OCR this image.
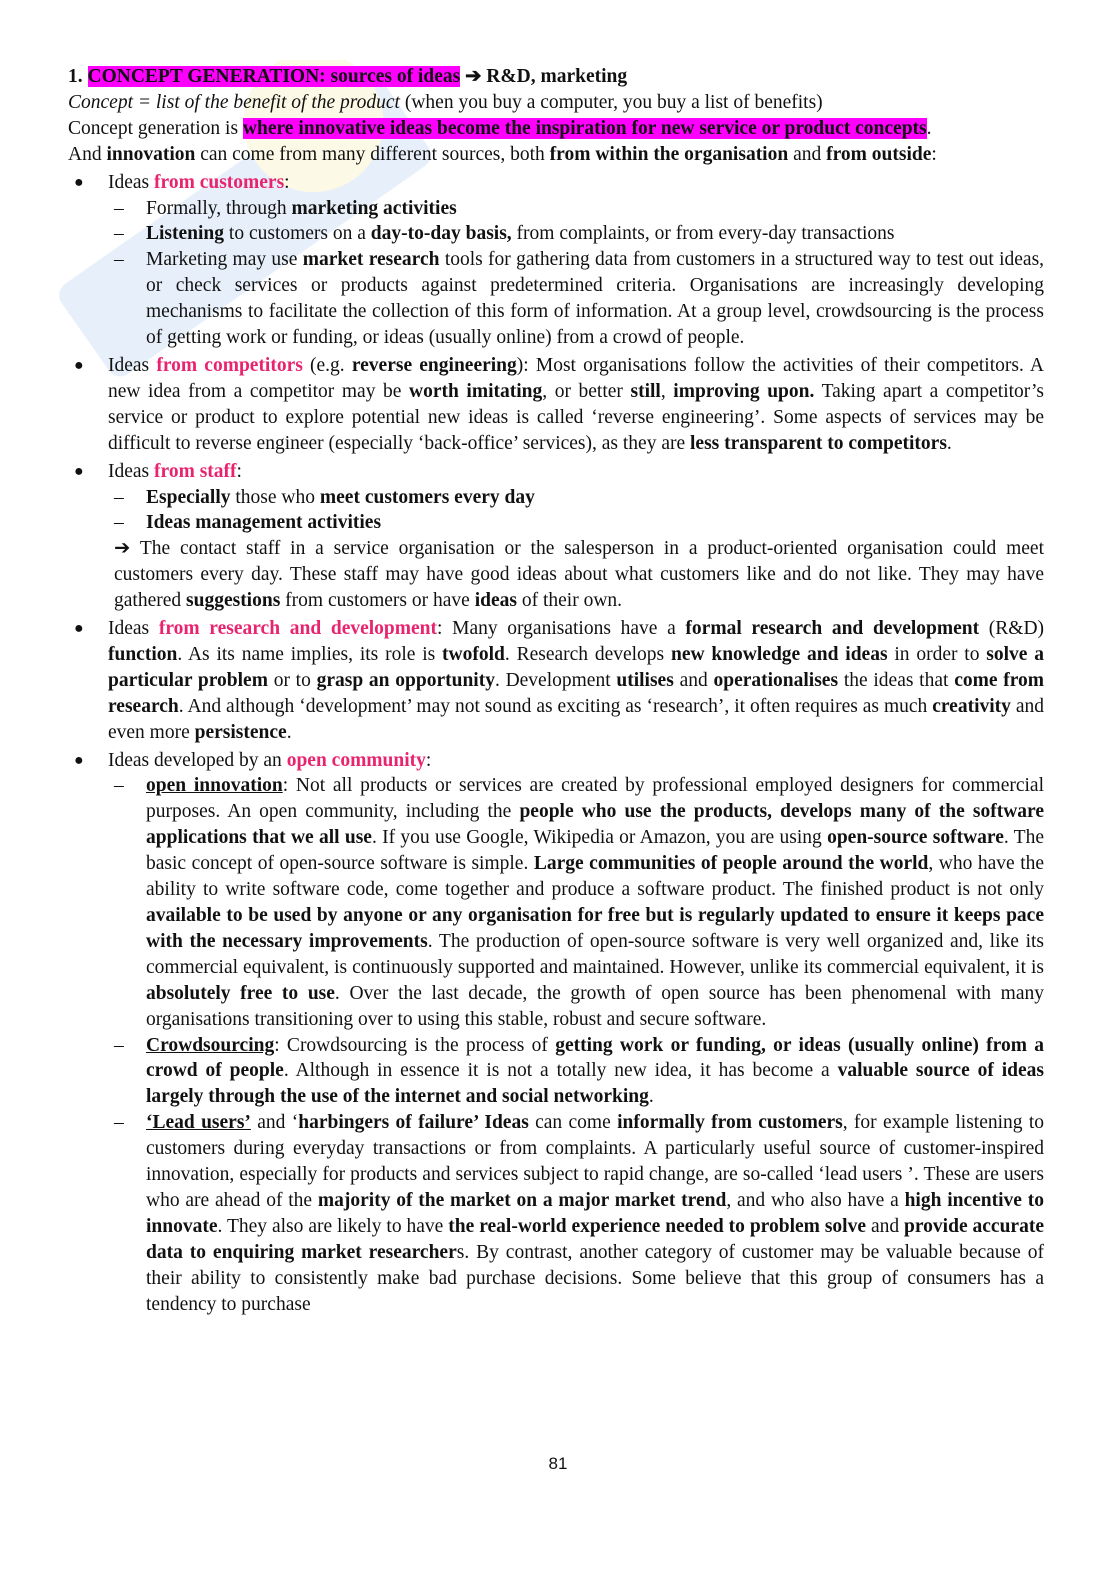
1. CONCEPT GENERATION: sources of ideas ➔ R&D, marketing

Concept = list of the benefit of the product (when you buy a computer, you buy a list of benefits)

Concept generation is where innovative ideas become the inspiration for new service or product concepts.

And innovation can come from many different sources, both from within the organisation and from outside:

● Ideas from customers:
– Formally, through marketing activities
– Listening to customers on a day-to-day basis, from complaints, or from every-day transactions
– Marketing may use market research tools for gathering data from customers in a structured way to test out ideas, or check services or products against predetermined criteria. Organisations are increasingly developing mechanisms to facilitate the collection of this form of information. At a group level, crowdsourcing is the process of getting work or funding, or ideas (usually online) from a crowd of people.
● Ideas from competitors (e.g. reverse engineering): Most organisations follow the activities of their competitors. A new idea from a competitor may be worth imitating, or better still, improving upon. Taking apart a competitor’s service or product to explore potential new ideas is called ‘reverse engineering’. Some aspects of services may be difficult to reverse engineer (especially ‘back-office’ services), as they are less transparent to competitors.
● Ideas from staff:
– Especially those who meet customers every day
– Ideas management activities

➔ The contact staff in a service organisation or the salesperson in a product-oriented organisation could meet customers every day. These staff may have good ideas about what customers like and do not like. They may have gathered suggestions from customers or have ideas of their own.

● Ideas from research and development: Many organisations have a formal research and development (R&D) function. As its name implies, its role is twofold. Research develops new knowledge and ideas in order to solve a particular problem or to grasp an opportunity. Development utilises and operationalises the ideas that come from research. And although ‘development’ may not sound as exciting as ‘research’, it often requires as much creativity and even more persistence.
● Ideas developed by an open community:
– open innovation: Not all products or services are created by professional employed designers for commercial purposes. An open community, including the people who use the products, develops many of the software applications that we all use. If you use Google, Wikipedia or Amazon, you are using open-source software. The basic concept of open-source software is simple. Large communities of people around the world, who have the ability to write software code, come together and produce a software product. The finished product is not only available to be used by anyone or any organisation for free but is regularly updated to ensure it keeps pace with the necessary improvements. The production of open-source software is very well organized and, like its commercial equivalent, is continuously supported and maintained. However, unlike its commercial equivalent, it is absolutely free to use. Over the last decade, the growth of open source has been phenomenal with many organisations transitioning over to using this stable, robust and secure software.
– Crowdsourcing: Crowdsourcing is the process of getting work or funding, or ideas (usually online) from a crowd of people. Although in essence it is not a totally new idea, it has become a valuable source of ideas largely through the use of the internet and social networking.
– ‘Lead users’ and ‘harbingers of failure’ Ideas can come informally from customers, for example listening to customers during everyday transactions or from complaints. A particularly useful source of customer-inspired innovation, especially for products and services subject to rapid change, are so-called ‘lead users ’. These are users who are ahead of the majority of the market on a major market trend, and who also have a high incentive to innovate. They also are likely to have the real-world experience needed to problem solve and provide accurate data to enquiring market researchers. By contrast, another category of customer may be valuable because of their ability to consistently make bad purchase decisions. Some believe that this group of consumers has a tendency to purchase
81
